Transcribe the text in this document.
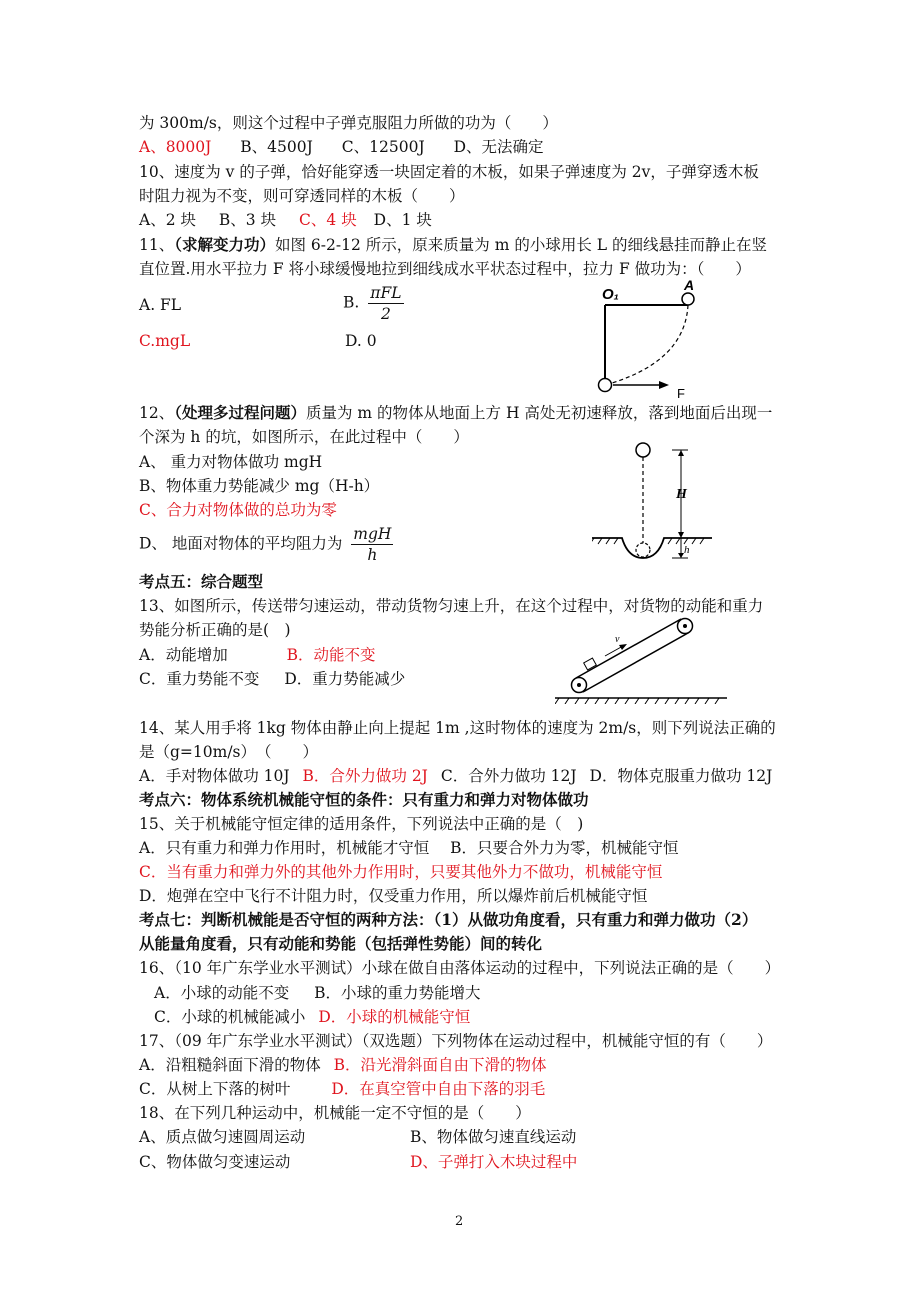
为 300m/s，则这个过程中子弹克服阻力所做的功为（　　）
A、8000J B、4500J C、12500J D、无法确定
10、速度为 v 的子弹，恰好能穿透一块固定着的木板，如果子弹速度为 2v，子弹穿透木板
时阻力视为不变，则可穿透同样的木板（　　）
A、2 块 B、3 块 C、4 块 D、1 块
11、（求解变力功）如图 6-2-12 所示，原来质量为 m 的小球用长 L 的细线悬挂而静止在竖
直位置.用水平拉力 F 将小球缓慢地拉到细线成水平状态过程中，拉力 F 做功为：（　　）
A. FL	B. $\frac{\text{πFL}}{2}$
C.mgL	D. 0
O₁
A
F
12、（处理多过程问题）质量为 m 的物体从地面上方 H 高处无初速释放，落到地面后出现一
个深为 h 的坑，如图所示，在此过程中（　　）
A、 重力对物体做功 mgH
B、物体重力势能减少 mg（H-h）
C、合力对物体做的总功为零
D、 地面对物体的平均阻力为 $\frac{\text{mgH}}{h}$
H
h
考点五：综合题型
13、如图所示，传送带匀速运动，带动货物匀速上升，在这个过程中，对货物的动能和重力
势能分析正确的是(　)
A．动能增加	B．动能不变
C．重力势能不变 D．重力势能减少
v
14、某人用手将 1kg 物体由静止向上提起 1m ,这时物体的速度为 2m/s，则下列说法正确的
是（g=10m/s）　（　　）
A．手对物体做功 10J B．合外力做功 2J C．合外力做功 12J D．物体克服重力做功 12J
考点六：物体系统机械能守恒的条件：只有重力和弹力对物体做功
15、关于机械能守恒定律的适用条件，下列说法中正确的是（　)
A．只有重力和弹力作用时，机械能才守恒 B．只要合外力为零，机械能守恒
C．当有重力和弹力外的其他外力作用时，只要其他外力不做功，机械能守恒
D．炮弹在空中飞行不计阻力时，仅受重力作用，所以爆炸前后机械能守恒
考点七：判断机械能是否守恒的两种方法：（1）从做功角度看，只有重力和弹力做功（2）
从能量角度看，只有动能和势能（包括弹性势能）间的转化
16、（10 年广东学业水平测试）小球在做自由落体运动的过程中，下列说法正确的是（　　）
A．小球的动能不变 B．小球的重力势能增大
C．小球的机械能减小 D．小球的机械能守恒
17、（09 年广东学业水平测试）（双选题）下列物体在运动过程中，机械能守恒的有（　　）
A．沿粗糙斜面下滑的物体 B．沿光滑斜面自由下滑的物体
C．从树上下落的树叶	D．在真空管中自由下落的羽毛
18、在下列几种运动中，机械能一定不守恒的是（　　）
A、质点做匀速圆周运动	B、物体做匀速直线运动
C、物体做匀变速运动	D、子弹打入木块过程中
2
